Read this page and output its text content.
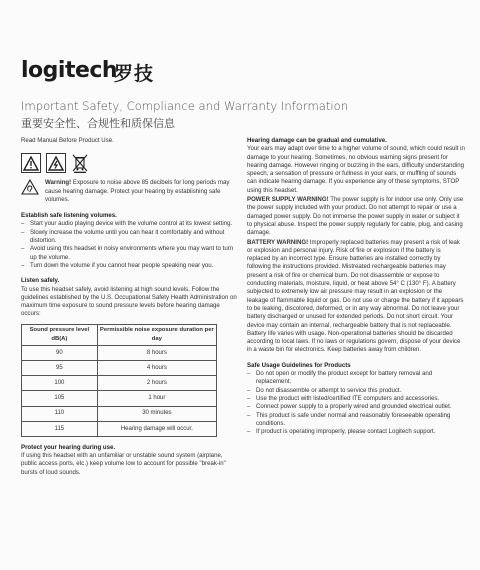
logitech
罗技
Important Safety, Compliance and Warranty Information
重要安全性、合规性和质保信息

Read Manual Before Product Use.

Warning! Exposure to noise above 85 decibels for long periods may cause hearing damage. Protect your hearing by establishing safe volumes.
Establish safe listening volumes.
– Start your audio playing device with the volume control at its lowest setting.
– Slowly increase the volume until you can hear it comfortably and without distortion.
– Avoid using this headset in noisy environments where you may want to turn up the volume.
– Turn down the volume if you cannot hear people speaking near you.
Listen safely.

To use this headset safely, avoid listening at high sound levels. Follow the guidelines established by the U.S. Occupational Safety Health Administration on maximum time exposure to sound pressure levels before hearing damage occurs:

Sound pressure level dB(A)	Permissible noise exposure duration per day
90	8 hours
95	4 hours
100	2 hours
105	1 hour
110	30 minutes
115	Hearing damage will occur.
Protect your hearing during use.

If using this headset with an unfamiliar or unstable sound system (airplane, public access ports, etc.) keep volume low to account for possible "break-in" bursts of loud sounds.

Hearing damage can be gradual and cumulative.

Your ears may adapt over time to a higher volume of sound, which could result in damage to your hearing. Sometimes, no obvious warning signs present for hearing damage. However ringing or buzzing in the ears, difficulty understanding speech, a sensation of pressure or fullness in your ears, or muffling of sounds can indicate hearing damage. If you experience any of these symptoms, STOP using this headset.

POWER SUPPLY WARNING! The power supply is for indoor use only. Only use the power supply included with your product. Do not attempt to repair or use a damaged power supply. Do not immerse the power supply in water or subject it to physical abuse. Inspect the power supply regularly for cable, plug, and casing damage.

BATTERY WARNING! Improperly replaced batteries may present a risk of leak or explosion and personal injury. Risk of fire or explosion if the battery is replaced by an incorrect type. Ensure batteries are installed correctly by following the instructions provided. Mistreated rechargeable batteries may present a risk of fire or chemical burn. Do not disassemble or expose to conducting materials, moisture, liquid, or heat above 54° C (130° F). A battery subjected to extremely low air pressure may result in an explosion or the leakage of flammable liquid or gas. Do not use or charge the battery if it appears to be leaking, discolored, deformed, or in any way abnormal. Do not leave your battery discharged or unused for extended periods. Do not short circuit. Your device may contain an internal, rechargeable battery that is not replaceable. Battery life varies with usage. Non-operational batteries should be discarded according to local laws. If no laws or regulations govern, dispose of your device in a waste bin for electronics. Keep batteries away from children.

Safe Usage Guidelines for Products
– Do not open or modify the product except for battery removal and replacement.
– Do not disassemble or attempt to service this product.
– Use the product with listed/certified ITE computers and accessories.
– Connect power supply to a properly wired and grounded electrical outlet.
– This product is safe under normal and reasonably foreseeable operating conditions.
– If product is operating improperly, please contact Logitech support.
